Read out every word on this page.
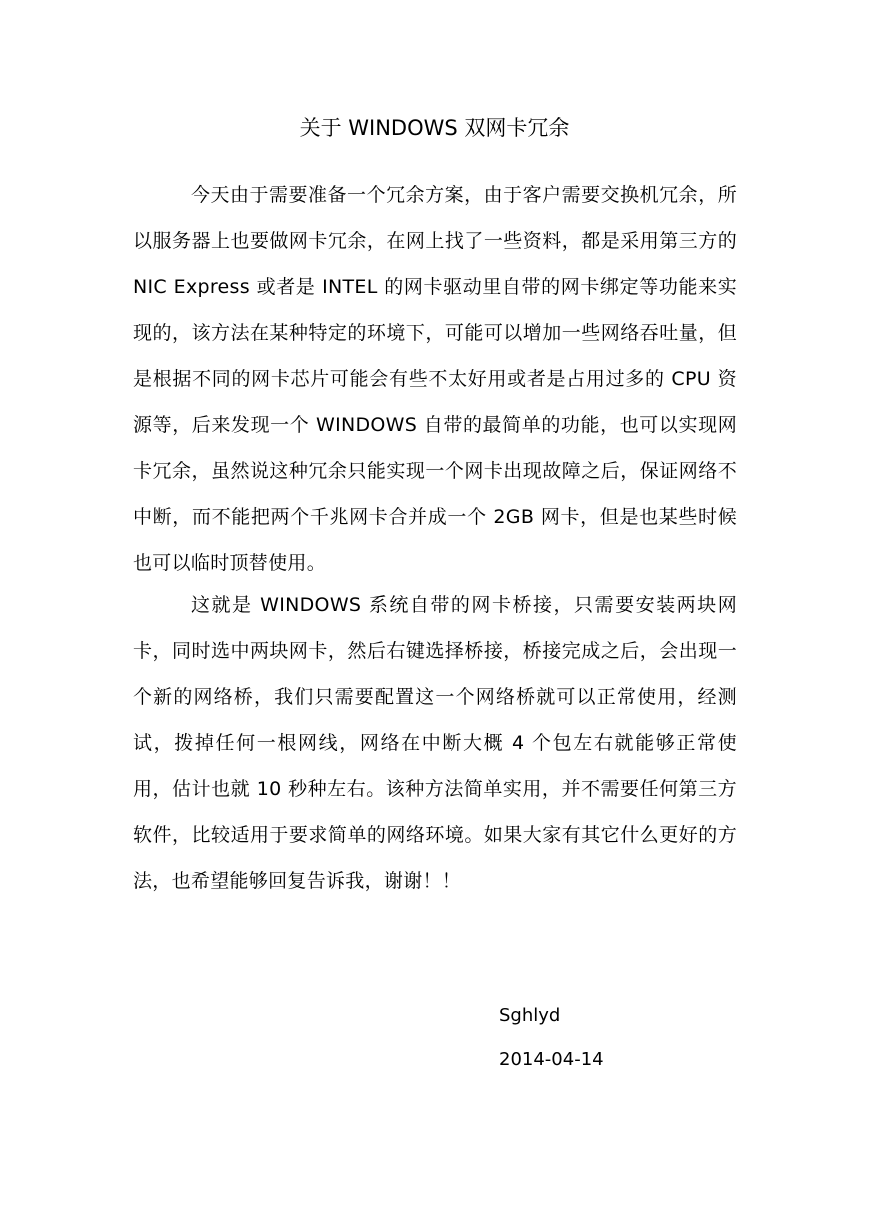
关于 WINDOWS 双网卡冗余

今天由于需要准备一个冗余方案，由于客户需要交换机冗余，所以服务器上也要做网卡冗余，在网上找了一些资料，都是采用第三方的 NIC Express 或者是 INTEL 的网卡驱动里自带的网卡绑定等功能来实现的，该方法在某种特定的环境下，可能可以增加一些网络吞吐量，但是根据不同的网卡芯片可能会有些不太好用或者是占用过多的 CPU 资源等，后来发现一个 WINDOWS 自带的最简单的功能，也可以实现网卡冗余，虽然说这种冗余只能实现一个网卡出现故障之后，保证网络不中断，而不能把两个千兆网卡合并成一个 2GB 网卡，但是也某些时候也可以临时顶替使用。

这就是 WINDOWS 系统自带的网卡桥接，只需要安装两块网卡，同时选中两块网卡，然后右键选择桥接，桥接完成之后，会出现一个新的网络桥，我们只需要配置这一个网络桥就可以正常使用，经测试，拨掉任何一根网线，网络在中断大概 4 个包左右就能够正常使用，估计也就 10 秒种左右。该种方法简单实用，并不需要任何第三方软件，比较适用于要求简单的网络环境。如果大家有其它什么更好的方法，也希望能够回复告诉我，谢谢！！

Sghlyd

2014-04-14
